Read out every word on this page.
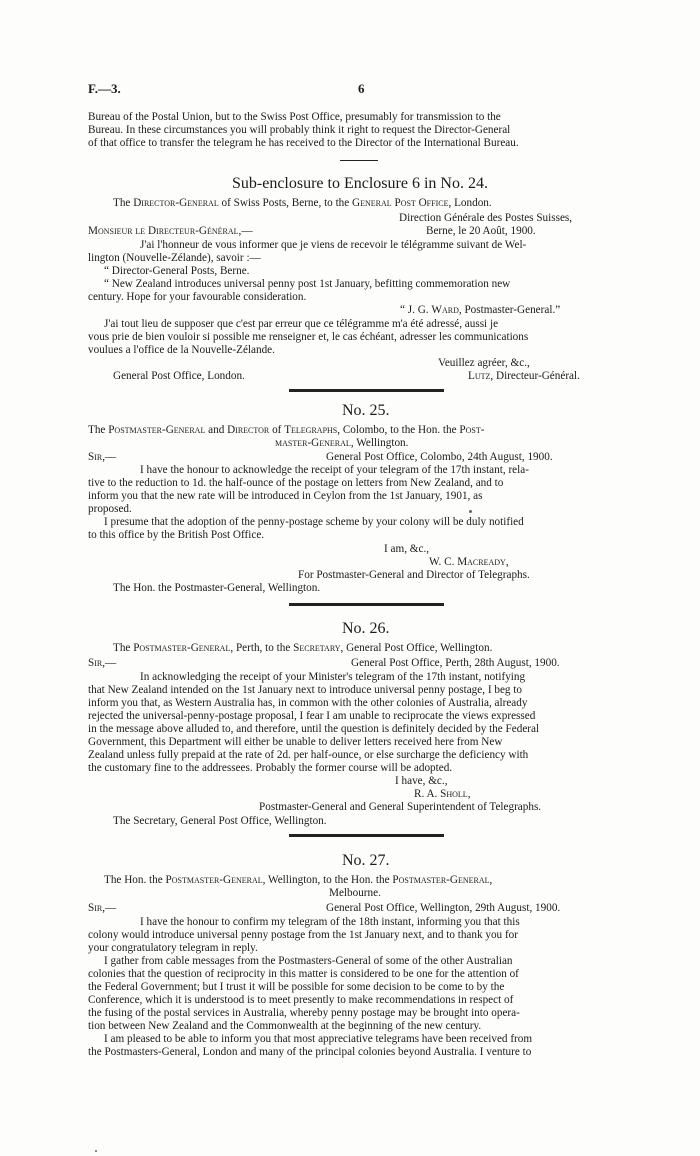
F.—3.	6
Bureau of the Postal Union, but to the Swiss Post Office, presumably for transmission to the
Bureau. In these circumstances you will probably think it right to request the Director-General
of that office to transfer the telegram he has received to the Director of the International Bureau.
Sub-enclosure to Enclosure 6 in No. 24.
The Director-General of Swiss Posts, Berne, to the General Post Office, London.
Direction Générale des Postes Suisses,
Monsieur le Directeur-Général,—	Berne, le 20 Août, 1900.
J'ai l'honneur de vous informer que je viens de recevoir le télégramme suivant de Wel-
lington (Nouvelle-Zélande), savoir :—
“ Director-General Posts, Berne.
“ New Zealand introduces universal penny post 1st January, befitting commemoration new
century. Hope for your favourable consideration.
“ J. G. Ward, Postmaster-General.”
J'ai tout lieu de supposer que c'est par erreur que ce télégramme m'a été adressé, aussi je
vous prie de bien vouloir si possible me renseigner et, le cas échéant, adresser les communications
voulues a l'office de la Nouvelle-Zélande.
Veuillez agréer, &c.,
General Post Office, London.	Lutz, Directeur-Général.
No. 25.
The Postmaster-General and Director of Telegraphs, Colombo, to the Hon. the Post-
master-General, Wellington.
Sir,—	General Post Office, Colombo, 24th August, 1900.
I have the honour to acknowledge the receipt of your telegram of the 17th instant, rela-
tive to the reduction to 1d. the half-ounce of the postage on letters from New Zealand, and to
inform you that the new rate will be introduced in Ceylon from the 1st January, 1901, as
proposed.
I presume that the adoption of the penny-postage scheme by your colony will be duly notified
to this office by the British Post Office.
I am, &c.,
W. C. Macready,
For Postmaster-General and Director of Telegraphs.
The Hon. the Postmaster-General, Wellington.
No. 26.
The Postmaster-General, Perth, to the Secretary, General Post Office, Wellington.
Sir,—	General Post Office, Perth, 28th August, 1900.
In acknowledging the receipt of your Minister's telegram of the 17th instant, notifying
that New Zealand intended on the 1st January next to introduce universal penny postage, I beg to
inform you that, as Western Australia has, in common with the other colonies of Australia, already
rejected the universal-penny-postage proposal, I fear I am unable to reciprocate the views expressed
in the message above alluded to, and therefore, until the question is definitely decided by the Federal
Government, this Department will either be unable to deliver letters received here from New
Zealand unless fully prepaid at the rate of 2d. per half-ounce, or else surcharge the deficiency with
the customary fine to the addressees. Probably the former course will be adopted.
I have, &c.,
R. A. Sholl,
Postmaster-General and General Superintendent of Telegraphs.
The Secretary, General Post Office, Wellington.
No. 27.
The Hon. the Postmaster-General, Wellington, to the Hon. the Postmaster-General,
Melbourne.
Sir,—	General Post Office, Wellington, 29th August, 1900.
I have the honour to confirm my telegram of the 18th instant, informing you that this
colony would introduce universal penny postage from the 1st January next, and to thank you for
your congratulatory telegram in reply.
I gather from cable messages from the Postmasters-General of some of the other Australian
colonies that the question of reciprocity in this matter is considered to be one for the attention of
the Federal Government; but I trust it will be possible for some decision to be come to by the
Conference, which it is understood is to meet presently to make recommendations in respect of
the fusing of the postal services in Australia, whereby penny postage may be brought into opera-
tion between New Zealand and the Commonwealth at the beginning of the new century.
I am pleased to be able to inform you that most appreciative telegrams have been received from
the Postmasters-General, London and many of the principal colonies beyond Australia. I venture to
